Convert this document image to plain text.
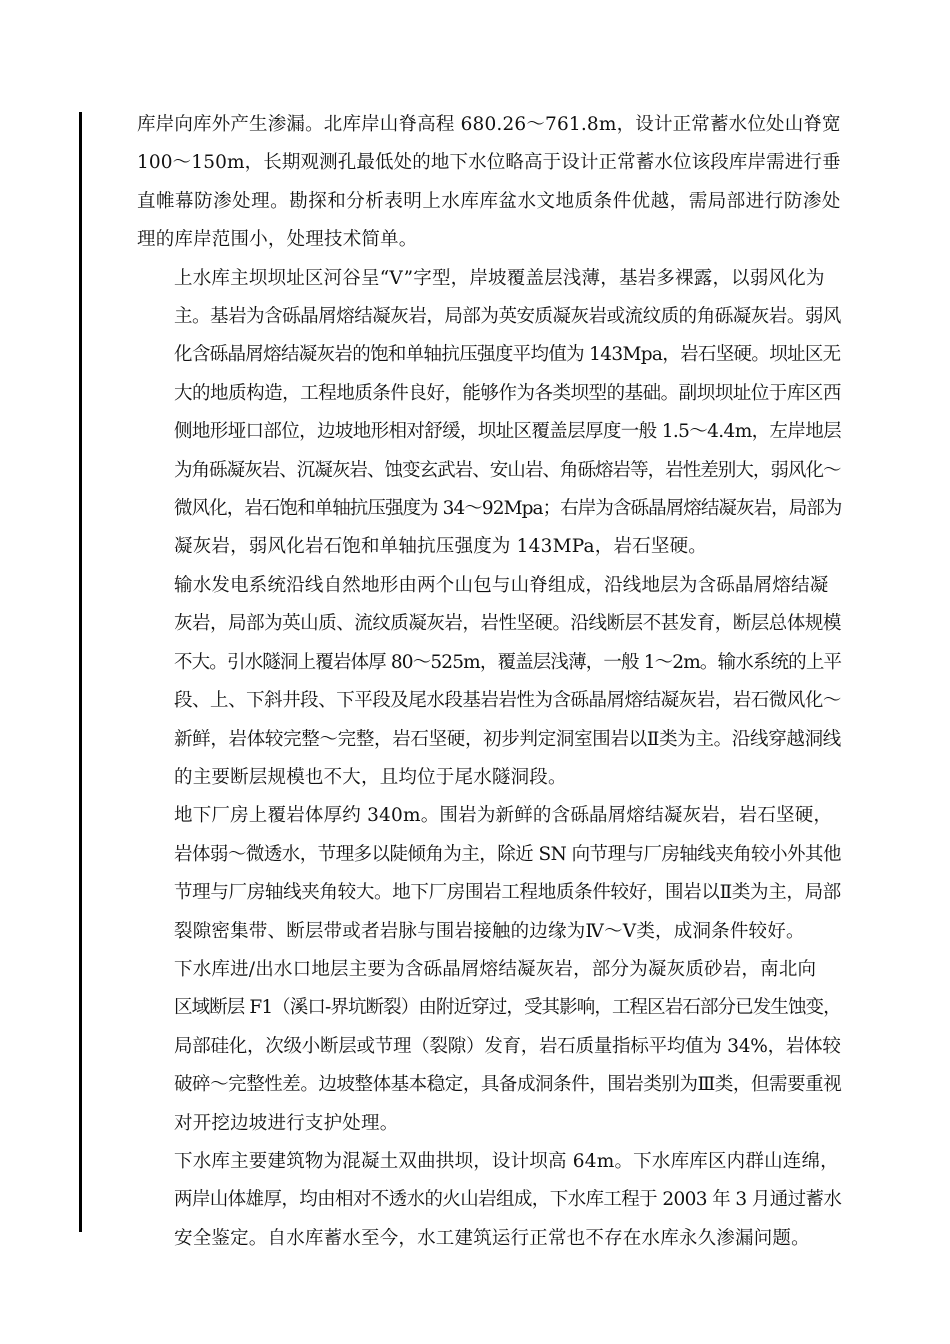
库岸向库外产生渗漏。北库岸山脊高程 680.26～761.8m，设计正常蓄水位处山脊宽
100～150m，长期观测孔最低处的地下水位略高于设计正常蓄水位该段库岸需进行垂
直帷幕防渗处理。勘探和分析表明上水库库盆水文地质条件优越，需局部进行防渗处
理的库岸范围小，处理技术简单。

上水库主坝坝址区河谷呈“V”字型，岸坡覆盖层浅薄，基岩多裸露，以弱风化为
主。基岩为含砾晶屑熔结凝灰岩，局部为英安质凝灰岩或流纹质的角砾凝灰岩。弱风
化含砾晶屑熔结凝灰岩的饱和单轴抗压强度平均值为 143Mpa，岩石坚硬。坝址区无
大的地质构造，工程地质条件良好，能够作为各类坝型的基础。副坝坝址位于库区西
侧地形垭口部位，边坡地形相对舒缓，坝址区覆盖层厚度一般 1.5～4.4m，左岸地层
为角砾凝灰岩、沉凝灰岩、蚀变玄武岩、安山岩、角砾熔岩等，岩性差别大，弱风化～
微风化，岩石饱和单轴抗压强度为 34～92Mpa；右岸为含砾晶屑熔结凝灰岩，局部为
凝灰岩，弱风化岩石饱和单轴抗压强度为 143MPa，岩石坚硬。

输水发电系统沿线自然地形由两个山包与山脊组成，沿线地层为含砾晶屑熔结凝
灰岩，局部为英山质、流纹质凝灰岩，岩性坚硬。沿线断层不甚发育，断层总体规模
不大。引水隧洞上覆岩体厚 80～525m，覆盖层浅薄，一般 1～2m。输水系统的上平
段、上、下斜井段、下平段及尾水段基岩岩性为含砾晶屑熔结凝灰岩，岩石微风化～
新鲜，岩体较完整～完整，岩石坚硬，初步判定洞室围岩以Ⅱ类为主。沿线穿越洞线
的主要断层规模也不大，且均位于尾水隧洞段。

地下厂房上覆岩体厚约 340m。围岩为新鲜的含砾晶屑熔结凝灰岩，岩石坚硬，
岩体弱～微透水，节理多以陡倾角为主，除近 SN 向节理与厂房轴线夹角较小外其他
节理与厂房轴线夹角较大。地下厂房围岩工程地质条件较好，围岩以Ⅱ类为主，局部
裂隙密集带、断层带或者岩脉与围岩接触的边缘为Ⅳ～Ⅴ类，成洞条件较好。

下水库进/出水口地层主要为含砾晶屑熔结凝灰岩，部分为凝灰质砂岩，南北向
区域断层 F1（溪口-界坑断裂）由附近穿过，受其影响，工程区岩石部分已发生蚀变，
局部硅化，次级小断层或节理（裂隙）发育，岩石质量指标平均值为 34%，岩体较
破碎～完整性差。边坡整体基本稳定，具备成洞条件，围岩类别为Ⅲ类，但需要重视
对开挖边坡进行支护处理。

下水库主要建筑物为混凝土双曲拱坝，设计坝高 64m。下水库库区内群山连绵，
两岸山体雄厚，均由相对不透水的火山岩组成，下水库工程于 2003 年 3 月通过蓄水
安全鉴定。自水库蓄水至今，水工建筑运行正常也不存在水库永久渗漏问题。
